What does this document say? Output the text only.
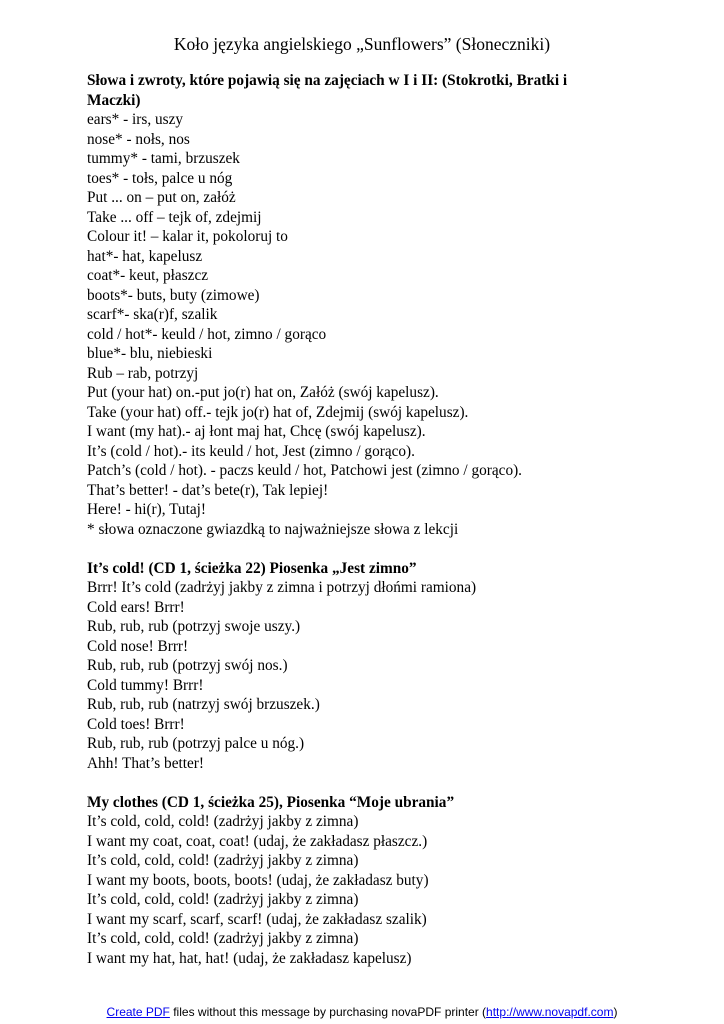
Koło języka angielskiego „Sunflowers” (Słoneczniki)
Słowa i zwroty, które pojawią się na zajęciach w I i II: (Stokrotki, Bratki i
Maczki)
ears* - irs, uszy
nose* - nołs, nos
tummy* - tami, brzuszek
toes* - tołs, palce u nóg
Put ... on – put on, załóż
Take ... off – tejk of, zdejmij
Colour it! – kalar it, pokoloruj to
hat*- hat, kapelusz
coat*- keut, płaszcz
boots*- buts, buty (zimowe)
scarf*- ska(r)f, szalik
cold / hot*- keuld / hot, zimno / gorąco
blue*- blu, niebieski
Rub – rab, potrzyj
Put (your hat) on.-put jo(r) hat on, Załóż (swój kapelusz).
Take (your hat) off.- tejk jo(r) hat of, Zdejmij (swój kapelusz).
I want (my hat).- aj łont maj hat, Chcę (swój kapelusz).
It’s (cold / hot).- its keuld / hot, Jest (zimno / gorąco).
Patch’s (cold / hot). - paczs keuld / hot, Patchowi jest (zimno / gorąco).
That’s better! - dat’s bete(r), Tak lepiej!
Here! - hi(r), Tutaj!
* słowa oznaczone gwiazdką to najważniejsze słowa z lekcji
It’s cold! (CD 1, ścieżka 22) Piosenka „Jest zimno”
Brrr! It’s cold (zadrżyj jakby z zimna i potrzyj dłońmi ramiona)
Cold ears! Brrr!
Rub, rub, rub (potrzyj swoje uszy.)
Cold nose! Brrr!
Rub, rub, rub (potrzyj swój nos.)
Cold tummy! Brrr!
Rub, rub, rub (natrzyj swój brzuszek.)
Cold toes! Brrr!
Rub, rub, rub (potrzyj palce u nóg.)
Ahh! That’s better!
My clothes (CD 1, ścieżka 25), Piosenka “Moje ubrania”
It’s cold, cold, cold! (zadrżyj jakby z zimna)
I want my coat, coat, coat! (udaj, że zakładasz płaszcz.)
It’s cold, cold, cold! (zadrżyj jakby z zimna)
I want my boots, boots, boots! (udaj, że zakładasz buty)
It’s cold, cold, cold! (zadrżyj jakby z zimna)
I want my scarf, scarf, scarf! (udaj, że zakładasz szalik)
It’s cold, cold, cold! (zadrżyj jakby z zimna)
I want my hat, hat, hat! (udaj, że zakładasz kapelusz)
Create PDF files without this message by purchasing novaPDF printer (http://www.novapdf.com)
